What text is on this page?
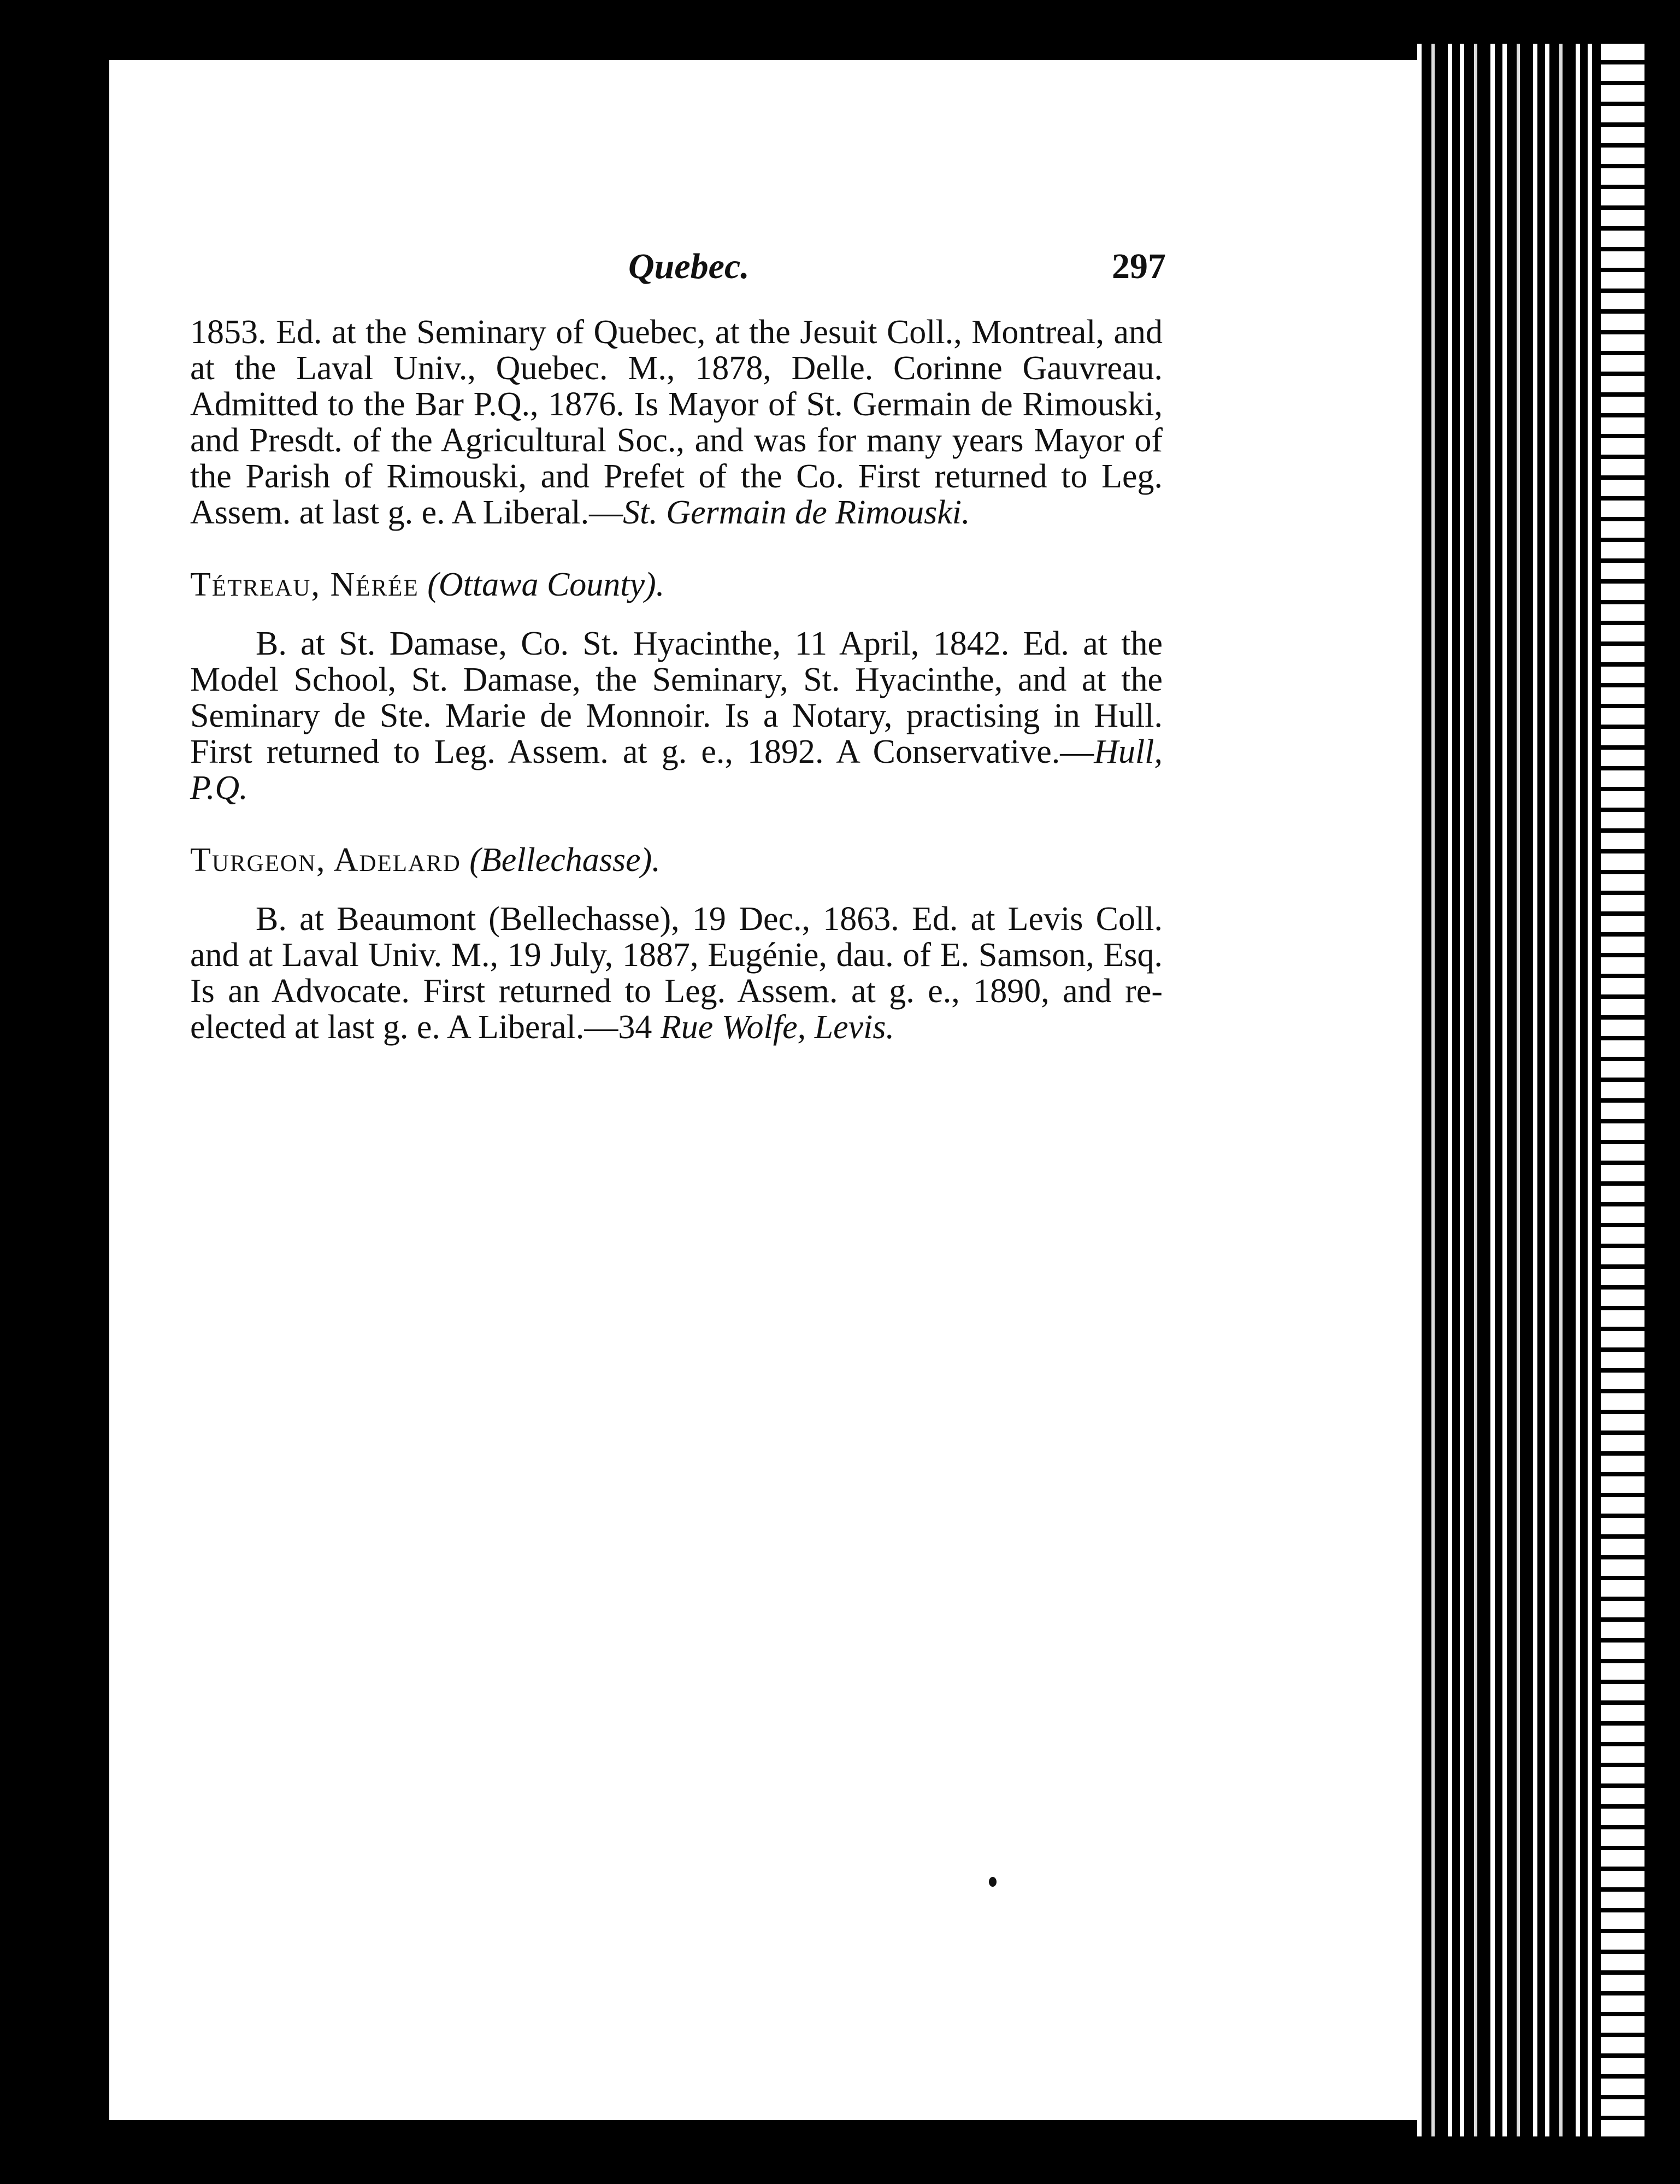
Quebec.	297

1853. Ed. at the Seminary of Quebec, at the Jesuit Coll., Montreal, and at the Laval Univ., Quebec. M., 1878, Delle. Corinne Gauvreau. Admitted to the Bar P.Q., 1876. Is Mayor of St. Germain de Rimouski, and Presdt. of the Agricultural Soc., and was for many years Mayor of the Parish of Rimouski, and Prefet of the Co. First returned to Leg. Assem. at last g. e. A Liberal.—St. Germain de Rimouski.

Tétreau, Nérée (Ottawa County).

B. at St. Damase, Co. St. Hyacinthe, 11 April, 1842. Ed. at the Model School, St. Damase, the Seminary, St. Hyacinthe, and at the Seminary de Ste. Marie de Monnoir. Is a Notary, practising in Hull. First returned to Leg. Assem. at g. e., 1892. A Conservative.—Hull, P.Q.

Turgeon, Adelard (Bellechasse).

B. at Beaumont (Bellechasse), 19 Dec., 1863. Ed. at Levis Coll. and at Laval Univ. M., 19 July, 1887, Eugénie, dau. of E. Samson, Esq. Is an Advocate. First returned to Leg. Assem. at g. e., 1890, and re-elected at last g. e. A Liberal.—34 Rue Wolfe, Levis.
